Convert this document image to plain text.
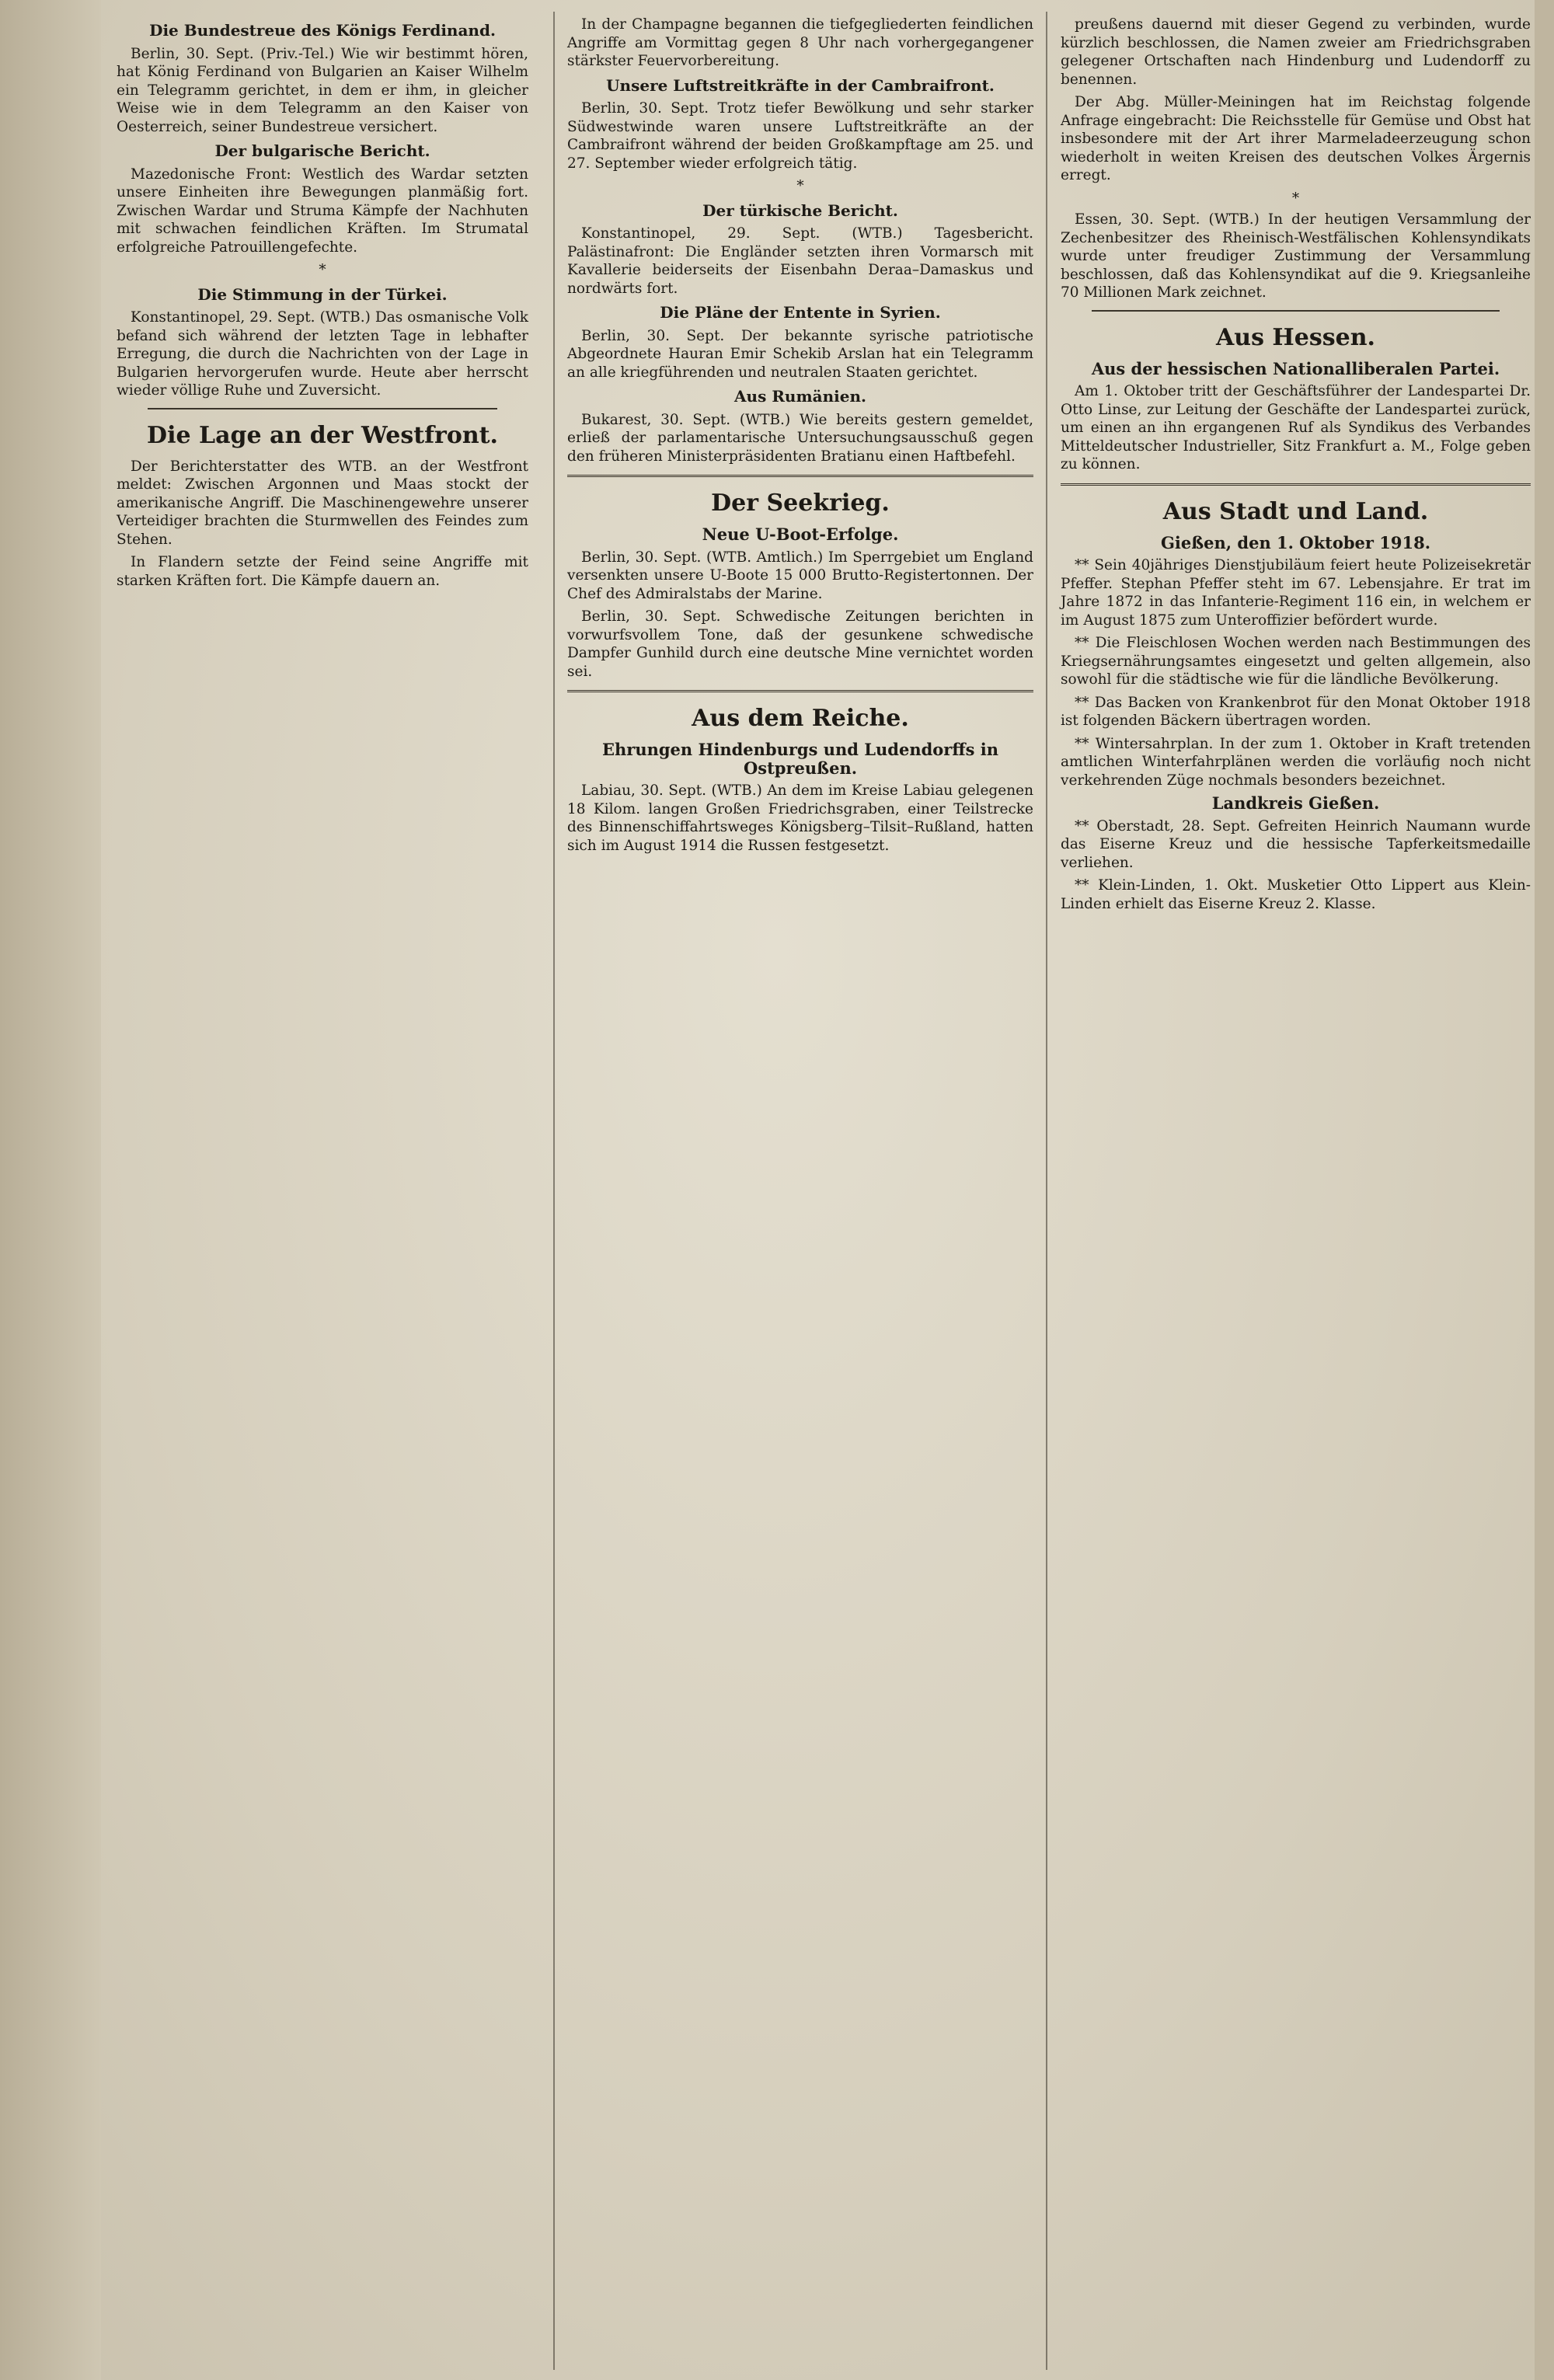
Die Bundestreue des Königs Ferdinand.
Berlin, 30. Sept. (Priv.-Tel.) Wie wir bestimmt hören, hat König Ferdinand von Bulgarien an Kaiser Wilhelm ein Telegramm gerichtet, in dem er ihm, in gleicher Weise wie in dem Telegramm an den Kaiser von Oesterreich, seiner Bundestreue versichert.
Der bulgarische Bericht.
Mazedonische Front: Westlich des Wardar setzten unsere Einheiten ihre Bewegungen planmäßig fort. Zwischen Wardar und Struma Kämpfe der Nachhuten mit schwachen feindlichen Kräften. Im Strumatal erfolgreiche Patrouillengefechte.
*
Die Stimmung in der Türkei.
Konstantinopel, 29. Sept. (WTB.) Das osmanische Volk befand sich während der letzten Tage in lebhafter Erregung, die durch die Nachrichten von der Lage in Bulgarien hervorgerufen wurde. Heute aber herrscht wieder völlige Ruhe und Zuversicht.
Die Lage an der Westfront.
Der Berichterstatter des WTB. an der Westfront meldet: Zwischen Argonnen und Maas stockt der amerikanische Angriff. Die Maschinengewehre unserer Verteidiger brachten die Sturmwellen des Feindes zum Stehen.
In Flandern setzte der Feind seine Angriffe mit starken Kräften fort. Die Kämpfe dauern an.
In der Champagne begannen die tiefgegliederten feindlichen Angriffe am Vormittag gegen 8 Uhr nach vorhergegangener stärkster Feuervorbereitung.
Unsere Luftstreitkräfte in der Cambraifront.
Berlin, 30. Sept. Trotz tiefer Bewölkung und sehr starker Südwestwinde waren unsere Luftstreitkräfte an der Cambraifront während der beiden Großkampftage am 25. und 27. September wieder erfolgreich tätig.
*
Der türkische Bericht.
Konstantinopel, 29. Sept. (WTB.) Tagesbericht. Palästinafront: Die Engländer setzten ihren Vormarsch mit Kavallerie beiderseits der Eisenbahn Deraa–Damaskus und nordwärts fort.
Die Pläne der Entente in Syrien.
Berlin, 30. Sept. Der bekannte syrische patriotische Abgeordnete Hauran Emir Schekib Arslan hat ein Telegramm an alle kriegführenden und neutralen Staaten gerichtet.
Aus Rumänien.
Bukarest, 30. Sept. (WTB.) Wie bereits gestern gemeldet, erließ der parlamentarische Untersuchungsausschuß gegen den früheren Ministerpräsidenten Bratianu einen Haftbefehl.
Der Seekrieg.
Neue U-Boot-Erfolge.
Berlin, 30. Sept. (WTB. Amtlich.) Im Sperrgebiet um England versenkten unsere U-Boote 15 000 Brutto-Registertonnen. Der Chef des Admiralstabs der Marine.
Berlin, 30. Sept. Schwedische Zeitungen berichten in vorwurfsvollem Tone, daß der gesunkene schwedische Dampfer Gunhild durch eine deutsche Mine vernichtet worden sei.
Aus dem Reiche.
Ehrungen Hindenburgs und Ludendorffs in Ostpreußen.
Labiau, 30. Sept. (WTB.) An dem im Kreise Labiau gelegenen 18 Kilom. langen Großen Friedrichsgraben, einer Teilstrecke des Binnenschiffahrtsweges Königsberg–Tilsit–Rußland, hatten sich im August 1914 die Russen festgesetzt.
preußens dauernd mit dieser Gegend zu verbinden, wurde kürzlich beschlossen, die Namen zweier am Friedrichsgraben gelegener Ortschaften nach Hindenburg und Ludendorff zu benennen.
Der Abg. Müller-Meiningen hat im Reichstag folgende Anfrage eingebracht: Die Reichsstelle für Gemüse und Obst hat insbesondere mit der Art ihrer Marmeladeerzeugung schon wiederholt in weiten Kreisen des deutschen Volkes Ärgernis erregt.
*
Essen, 30. Sept. (WTB.) In der heutigen Versammlung der Zechenbesitzer des Rheinisch-Westfälischen Kohlensyndikats wurde unter freudiger Zustimmung der Versammlung beschlossen, daß das Kohlensyndikat auf die 9. Kriegsanleihe 70 Millionen Mark zeichnet.
Aus Hessen.
Aus der hessischen Nationalliberalen Partei.
Am 1. Oktober tritt der Geschäftsführer der Landespartei Dr. Otto Linse, zur Leitung der Geschäfte der Landespartei zurück, um einen an ihn ergangenen Ruf als Syndikus des Verbandes Mitteldeutscher Industrieller, Sitz Frankfurt a. M., Folge geben zu können.
Aus Stadt und Land.
Gießen, den 1. Oktober 1918.
** Sein 40jähriges Dienstjubiläum feiert heute Polizeisekretär Pfeffer. Stephan Pfeffer steht im 67. Lebensjahre. Er trat im Jahre 1872 in das Infanterie-Regiment 116 ein, in welchem er im August 1875 zum Unteroffizier befördert wurde.
** Die Fleischlosen Wochen werden nach Bestimmungen des Kriegsernährungsamtes eingesetzt und gelten allgemein, also sowohl für die städtische wie für die ländliche Bevölkerung.
** Das Backen von Krankenbrot für den Monat Oktober 1918 ist folgenden Bäckern übertragen worden.
** Wintersahrplan. In der zum 1. Oktober in Kraft tretenden amtlichen Winterfahrplänen werden die vorläufig noch nicht verkehrenden Züge nochmals besonders bezeichnet.
Landkreis Gießen.
** Oberstadt, 28. Sept. Gefreiten Heinrich Naumann wurde das Eiserne Kreuz und die hessische Tapferkeitsmedaille verliehen.
** Klein-Linden, 1. Okt. Musketier Otto Lippert aus Klein-Linden erhielt das Eiserne Kreuz 2. Klasse.
